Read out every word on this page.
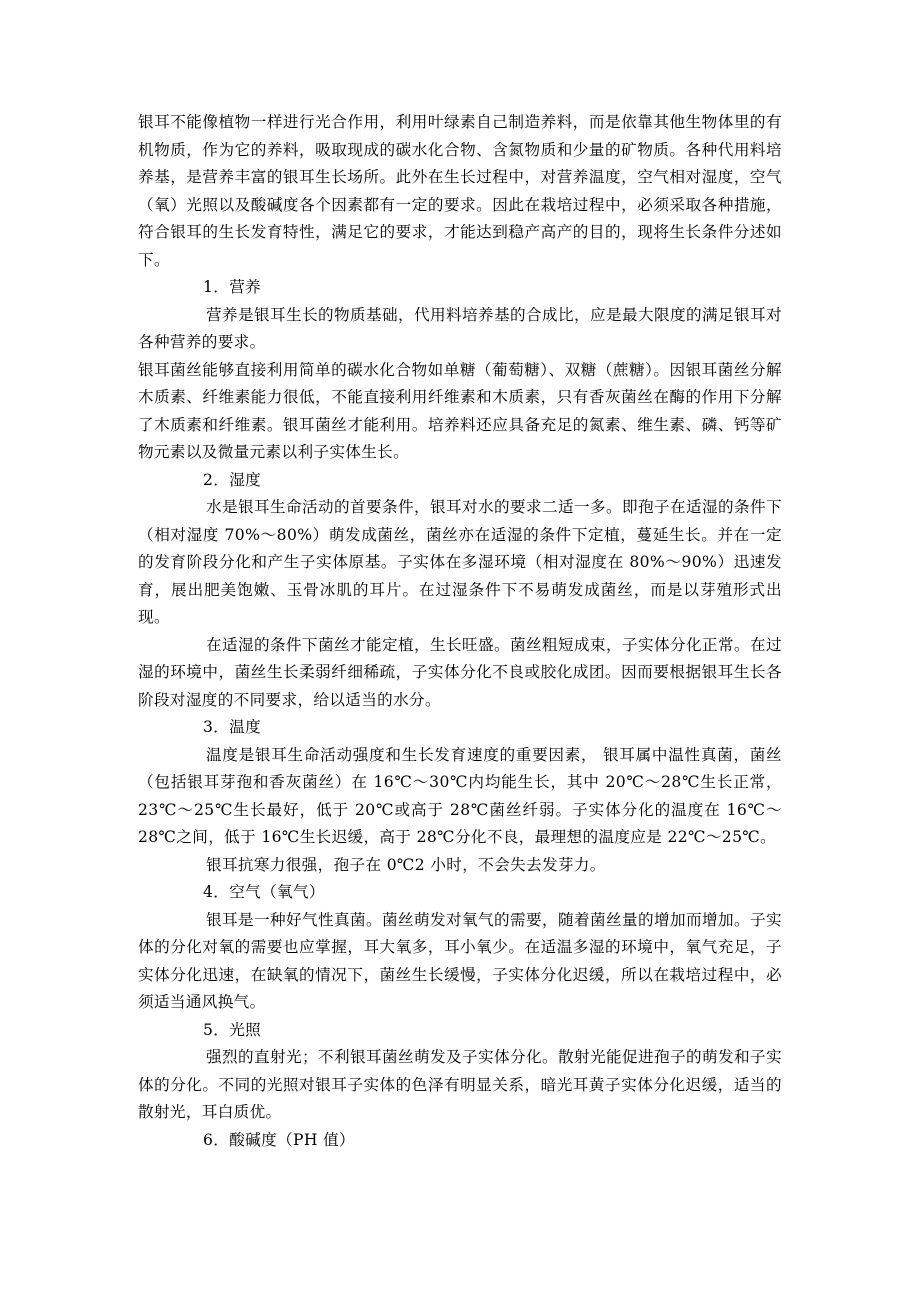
银耳不能像植物一样进行光合作用，利用叶绿素自己制造养料，而是依靠其他生物体里的有机物质，作为它的养料，吸取现成的碳水化合物、含氮物质和少量的矿物质。各种代用料培养基，是营养丰富的银耳生长场所。此外在生长过程中，对营养温度，空气相对湿度，空气（氧）光照以及酸碱度各个因素都有一定的要求。因此在栽培过程中，必须采取各种措施，符合银耳的生长发育特性，满足它的要求，才能达到稳产高产的目的，现将生长条件分述如下。

1．营养

营养是银耳生长的物质基础，代用料培养基的合成比，应是最大限度的满足银耳对各种营养的要求。

银耳菌丝能够直接利用简单的碳水化合物如单糖（葡萄糖）、双糖（蔗糖）。因银耳菌丝分解木质素、纤维素能力很低，不能直接利用纤维素和木质素，只有香灰菌丝在酶的作用下分解了木质素和纤维素。银耳菌丝才能利用。培养料还应具备充足的氮素、维生素、磷、钙等矿物元素以及微量元素以利子实体生长。

2．湿度

水是银耳生命活动的首要条件，银耳对水的要求二适一多。即孢子在适湿的条件下（相对湿度 70%～80%）萌发成菌丝，菌丝亦在适湿的条件下定植，蔓延生长。并在一定的发育阶段分化和产生子实体原基。子实体在多湿环境（相对湿度在 80%～90%）迅速发育，展出肥美饱嫩、玉骨冰肌的耳片。在过湿条件下不易萌发成菌丝，而是以芽殖形式出现。

在适湿的条件下菌丝才能定植，生长旺盛。菌丝粗短成束，子实体分化正常。在过湿的环境中，菌丝生长柔弱纤细稀疏，子实体分化不良或胶化成团。因而要根据银耳生长各阶段对湿度的不同要求，给以适当的水分。

3．温度

温度是银耳生命活动强度和生长发育速度的重要因素， 银耳属中温性真菌，菌丝（包括银耳芽孢和香灰菌丝）在 16℃～30℃内均能生长，其中 20℃～28℃生长正常，23℃～25℃生长最好，低于 20℃或高于 28℃菌丝纤弱。子实体分化的温度在 16℃～28℃之间，低于 16℃生长迟缓，高于 28℃分化不良，最理想的温度应是 22℃～25℃。

银耳抗寒力很强，孢子在 0℃2 小时，不会失去发芽力。

4．空气（氧气）

银耳是一种好气性真菌。菌丝萌发对氧气的需要，随着菌丝量的增加而增加。子实体的分化对氧的需要也应掌握，耳大氧多，耳小氧少。在适温多湿的环境中，氧气充足，子实体分化迅速，在缺氧的情况下，菌丝生长缓慢，子实体分化迟缓，所以在栽培过程中，必须适当通风换气。

5．光照

强烈的直射光；不利银耳菌丝萌发及子实体分化。散射光能促进孢子的萌发和子实体的分化。不同的光照对银耳子实体的色泽有明显关系，暗光耳黄子实体分化迟缓，适当的散射光，耳白质优。

6．酸碱度（PH 值）
